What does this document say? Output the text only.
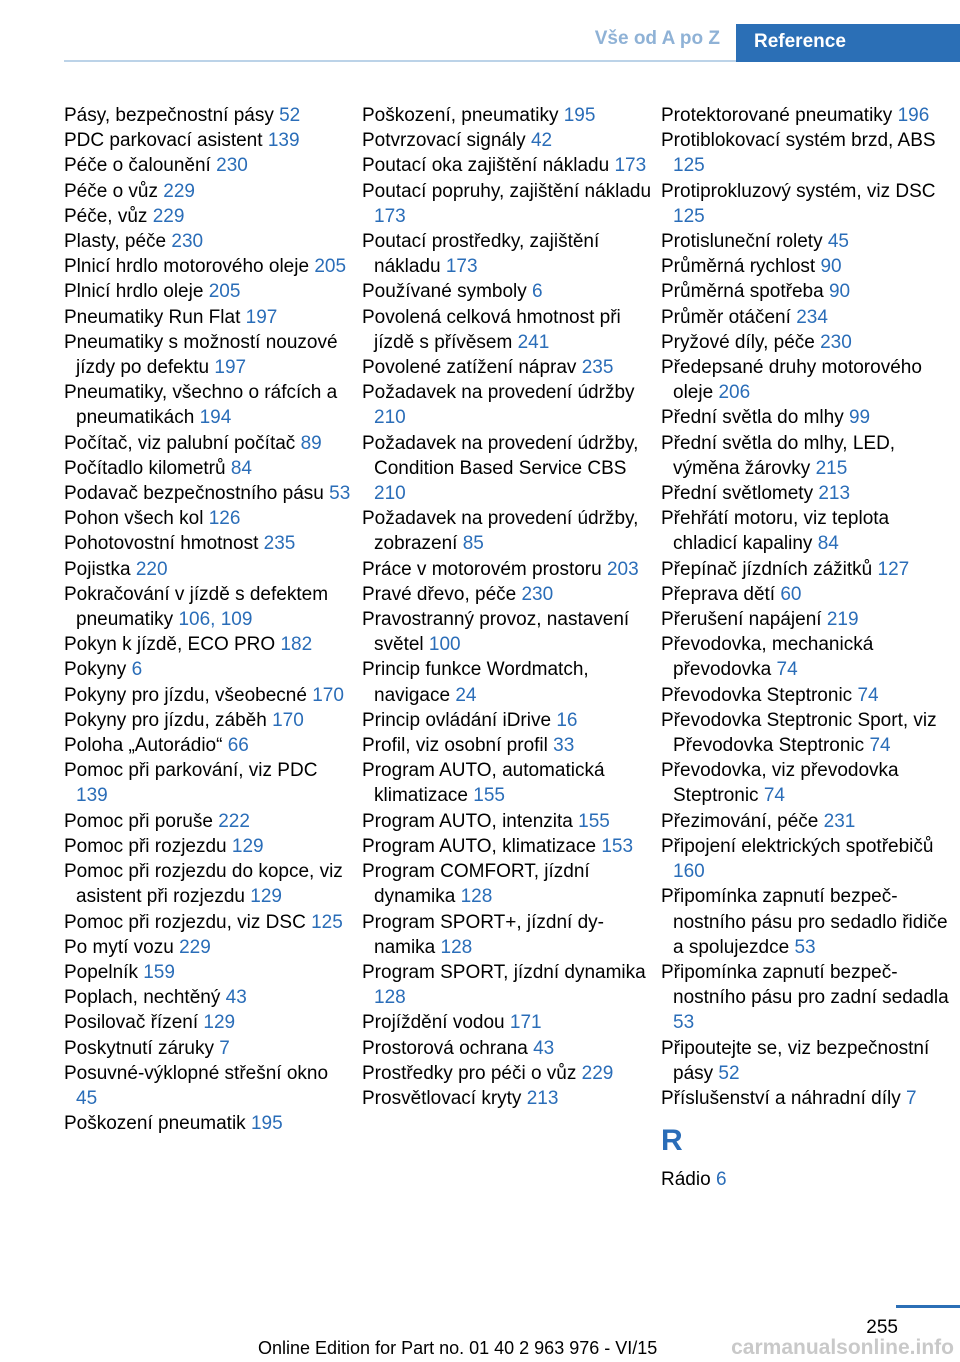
Vše od A po Z Reference
Pásy, bezpečnostní pásy 52
PDC parkovací asistent 139
Péče o čalounění 230
Péče o vůz 229
Péče, vůz 229
Plasty, péče 230
Plnicí hrdlo motorového oleje 205
Plnicí hrdlo oleje 205
Pneumatiky Run Flat 197
Pneumatiky s možností nouzové jízdy po defektu 197
Pneumatiky, všechno o ráfcích a pneumatikách 194
Počítač, viz palubní počítač 89
Počítadlo kilometrů 84
Podavač bezpečnostního pásu 53
Pohon všech kol 126
Pohotovostní hmotnost 235
Pojistka 220
Pokračování v jízdě s defektem pneumatiky 106, 109
Pokyn k jízdě, ECO PRO 182
Pokyny 6
Pokyny pro jízdu, všeobecné 170
Pokyny pro jízdu, záběh 170
Poloha „Autorádio“ 66
Pomoc při parkování, viz PDC 139
Pomoc při poruše 222
Pomoc při rozjezdu 129
Pomoc při rozjezdu do kopce, viz asistent při rozjezdu 129
Pomoc při rozjezdu, viz DSC 125
Po mytí vozu 229
Popelník 159
Poplach, nechtěný 43
Posilovač řízení 129
Poskytnutí záruky 7
Posuvné-výklopné střešní okno 45
Poškození pneumatik 195
Poškození, pneumatiky 195
Potvrzovací signály 42
Poutací oka zajištění nákladu 173
Poutací popruhy, zajištění nákladu 173
Poutací prostředky, zajištění nákladu 173
Používané symboly 6
Povolená celková hmotnost při jízdě s přívěsem 241
Povolené zatížení náprav 235
Požadavek na provedení údržby 210
Požadavek na provedení údržby, Condition Based Service CBS 210
Požadavek na provedení údržby, zobrazení 85
Práce v motorovém prostoru 203
Pravé dřevo, péče 230
Pravostranný provoz, nastavení světel 100
Princip funkce Wordmatch, navigace 24
Princip ovládání iDrive 16
Profil, viz osobní profil 33
Program AUTO, automatická klimatizace 155
Program AUTO, intenzita 155
Program AUTO, klimatizace 153
Program COMFORT, jízdní dynamika 128
Program SPORT+, jízdní dynamika 128
Program SPORT, jízdní dynamika 128
Projíždění vodou 171
Prostorová ochrana 43
Prostředky pro péči o vůz 229
Prosvětlovací kryty 213
Protektorované pneumatiky 196
Protiblokovací systém brzd, ABS 125
Protiprokluzový systém, viz DSC 125
Protisluneční rolety 45
Průměrná rychlost 90
Průměrná spotřeba 90
Průměr otáčení 234
Pryžové díly, péče 230
Předepsané druhy motorového oleje 206
Přední světla do mlhy 99
Přední světla do mlhy, LED, výměna žárovky 215
Přední světlomety 213
Přehřátí motoru, viz teplota chladicí kapaliny 84
Přepínač jízdních zážitků 127
Přeprava dětí 60
Přerušení napájení 219
Převodovka, mechanická převodovka 74
Převodovka Steptronic 74
Převodovka Steptronic Sport, viz Převodovka Steptronic 74
Převodovka, viz převodovka Steptronic 74
Přezimování, péče 231
Připojení elektrických spotřebičů 160
Připomínka zapnutí bezpečnostního pásu pro sedadlo řidiče a spolujezdce 53
Připomínka zapnutí bezpečnostního pásu pro zadní sedadla 53
Připoutejte se, viz bezpečnostní pásy 52
Příslušenství a náhradní díly 7
R
Rádio 6
255
Online Edition for Part no. 01 40 2 963 976 - VI/15	carmanualsonline.info
